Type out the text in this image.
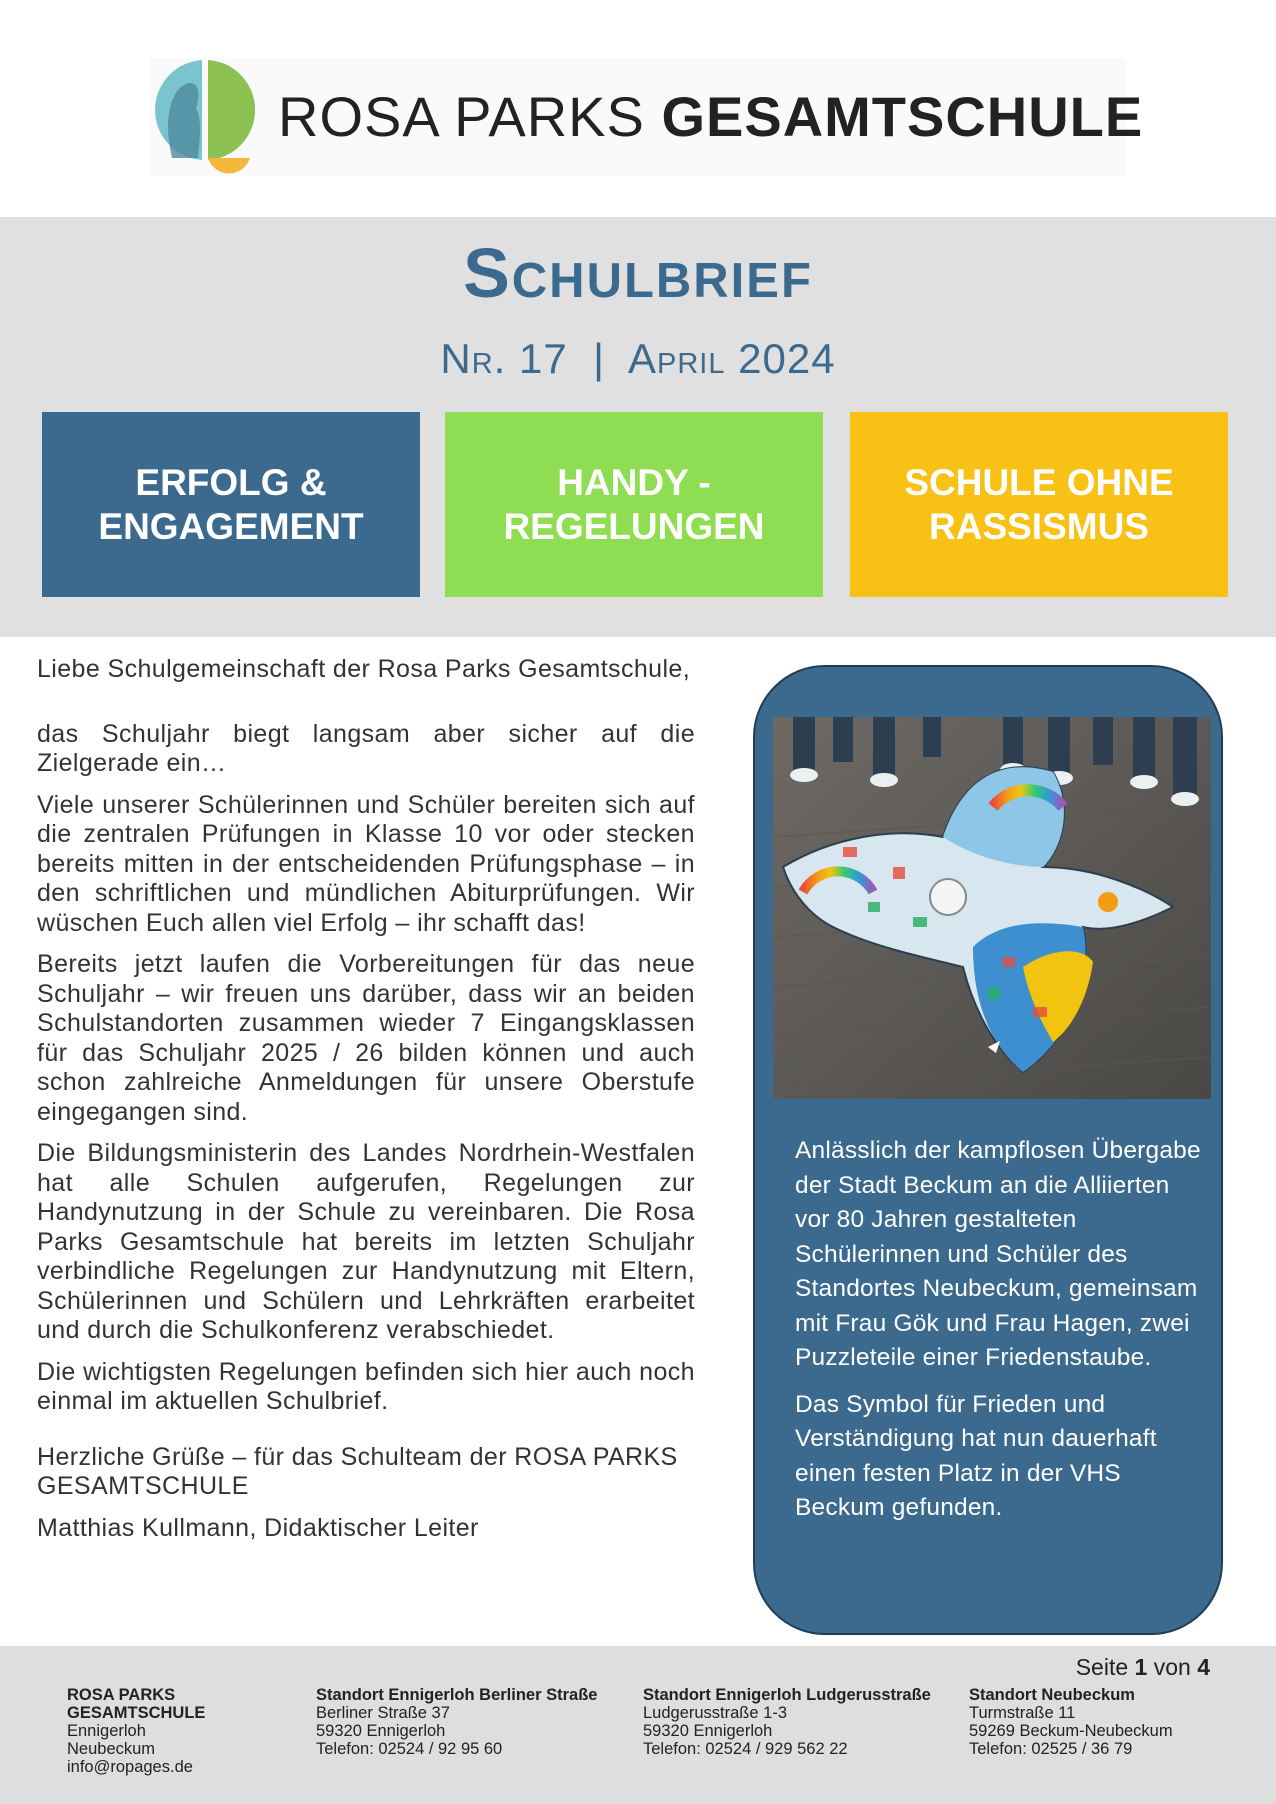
ROSA PARKS GESAMTSCHULE
Schulbrief
Nr. 17  |  April 2024
ERFOLG &
ENGAGEMENT
HANDY -
REGELUNGEN
SCHULE OHNE
RASSISMUS

Liebe Schulgemeinschaft der Rosa Parks Gesamtschule,

das Schuljahr biegt langsam aber sicher auf die Zielgerade ein…

Viele unserer Schülerinnen und Schüler bereiten sich auf die zentralen Prüfungen in Klasse 10 vor oder stecken bereits mitten in der entscheidenden Prüfungsphase – in den schriftlichen und mündlichen Abiturprüfungen. Wir wüschen Euch allen viel Erfolg – ihr schafft das!

Bereits jetzt laufen die Vorbereitungen für das neue Schuljahr – wir freuen uns darüber, dass wir an beiden Schulstandorten zusammen wieder 7 Eingangsklassen für das Schuljahr 2025 / 26 bilden können und auch schon zahlreiche Anmeldungen für unsere Oberstufe eingegangen sind.

Die Bildungsministerin des Landes Nordrhein-Westfalen hat alle Schulen aufgerufen, Regelungen zur Handynutzung in der Schule zu vereinbaren. Die Rosa Parks Gesamtschule hat bereits im letzten Schuljahr verbindliche Regelungen zur Handynutzung mit Eltern, Schülerinnen und Schülern und Lehrkräften erarbeitet und durch die Schulkonferenz verabschiedet.

Die wichtigsten Regelungen befinden sich hier auch noch einmal im aktuellen Schulbrief.

Herzliche Grüße – für das Schulteam der ROSA PARKS GESAMTSCHULE

Matthias Kullmann, Didaktischer Leiter

Anlässlich der kampflosen Übergabe der Stadt Beckum an die Alliierten vor 80 Jahren gestalteten Schülerinnen und Schüler des Standortes Neubeckum, gemeinsam mit Frau Gök und Frau Hagen, zwei Puzzleteile einer Friedenstaube.

Das Symbol für Frieden und Verständigung hat nun dauerhaft einen festen Platz in der VHS Beckum gefunden.

Seite 1 von 4
ROSA PARKS
GESAMTSCHULE
Ennigerloh
Neubeckum
info@ropages.de
Standort Ennigerloh Berliner Straße
Berliner Straße 37
59320 Ennigerloh
Telefon: 02524 / 92 95 60
Standort Ennigerloh Ludgerusstraße
Ludgerusstraße 1-3
59320 Ennigerloh
Telefon: 02524 / 929 562 22
Standort Neubeckum
Turmstraße 11
59269 Beckum-Neubeckum
Telefon: 02525 / 36 79
